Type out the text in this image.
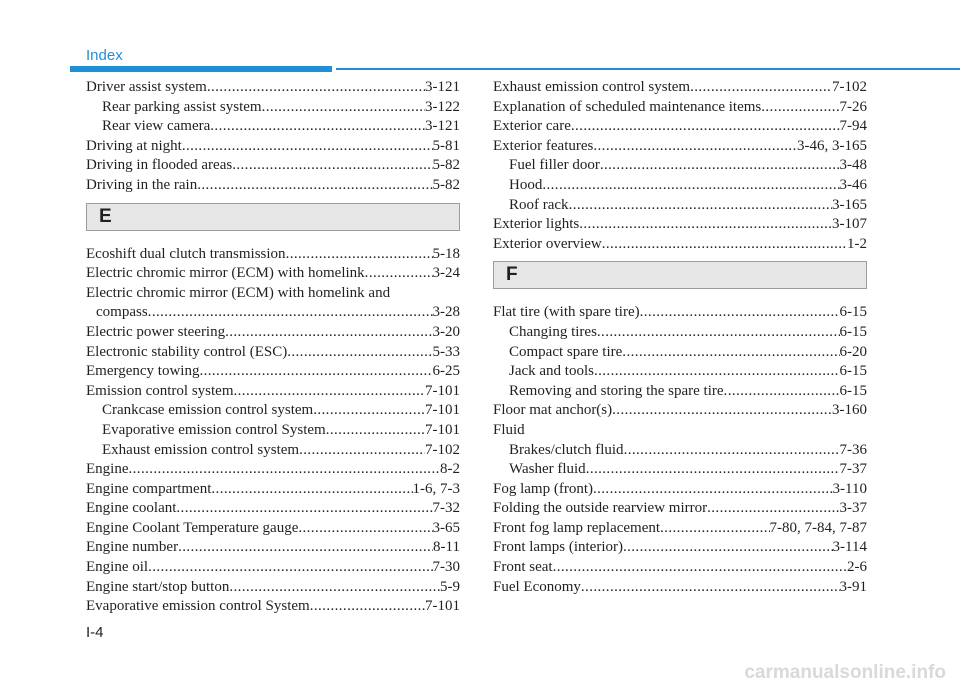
Index
Driver assist system .....	3-121
Rear parking assist system .....	3-122
Rear view camera .....	3-121
Driving at night .....	5-81
Driving in flooded areas .....	5-82
Driving in the rain .....	5-82
E
Ecoshift dual clutch transmission .....	5-18
Electric chromic mirror (ECM) with homelink .....	3-24
Electric chromic mirror (ECM) with homelink and
compass .....	3-28
Electric power steering .....	3-20
Electronic stability control (ESC) .....	5-33
Emergency towing .....	6-25
Emission control system .....	7-101
Crankcase emission control system .....	7-101
Evaporative emission control System .....	7-101
Exhaust emission control system .....	7-102
Engine .....	8-2
Engine compartment .....	1-6, 7-3
Engine coolant .....	7-32
Engine Coolant Temperature gauge .....	3-65
Engine number .....	8-11
Engine oil .....	7-30
Engine start/stop button .....	5-9
Evaporative emission control System .....	7-101
Exhaust emission control system .....	7-102
Explanation of scheduled maintenance items .....	7-26
Exterior care .....	7-94
Exterior features .....	3-46, 3-165
Fuel filler door .....	3-48
Hood .....	3-46
Roof rack .....	3-165
Exterior lights .....	3-107
Exterior overview .....	1-2
F
Flat tire (with spare tire) .....	6-15
Changing tires .....	6-15
Compact spare tire .....	6-20
Jack and tools .....	6-15
Removing and storing the spare tire .....	6-15
Floor mat anchor(s) .....	3-160
Fluid
Brakes/clutch fluid .....	7-36
Washer fluid .....	7-37
Fog lamp (front) .....	3-110
Folding the outside rearview mirror .....	3-37
Front fog lamp replacement .....	7-80, 7-84, 7-87
Front lamps (interior) .....	3-114
Front seat .....	2-6
Fuel Economy .....	3-91
I-4
carmanualsonline.info
